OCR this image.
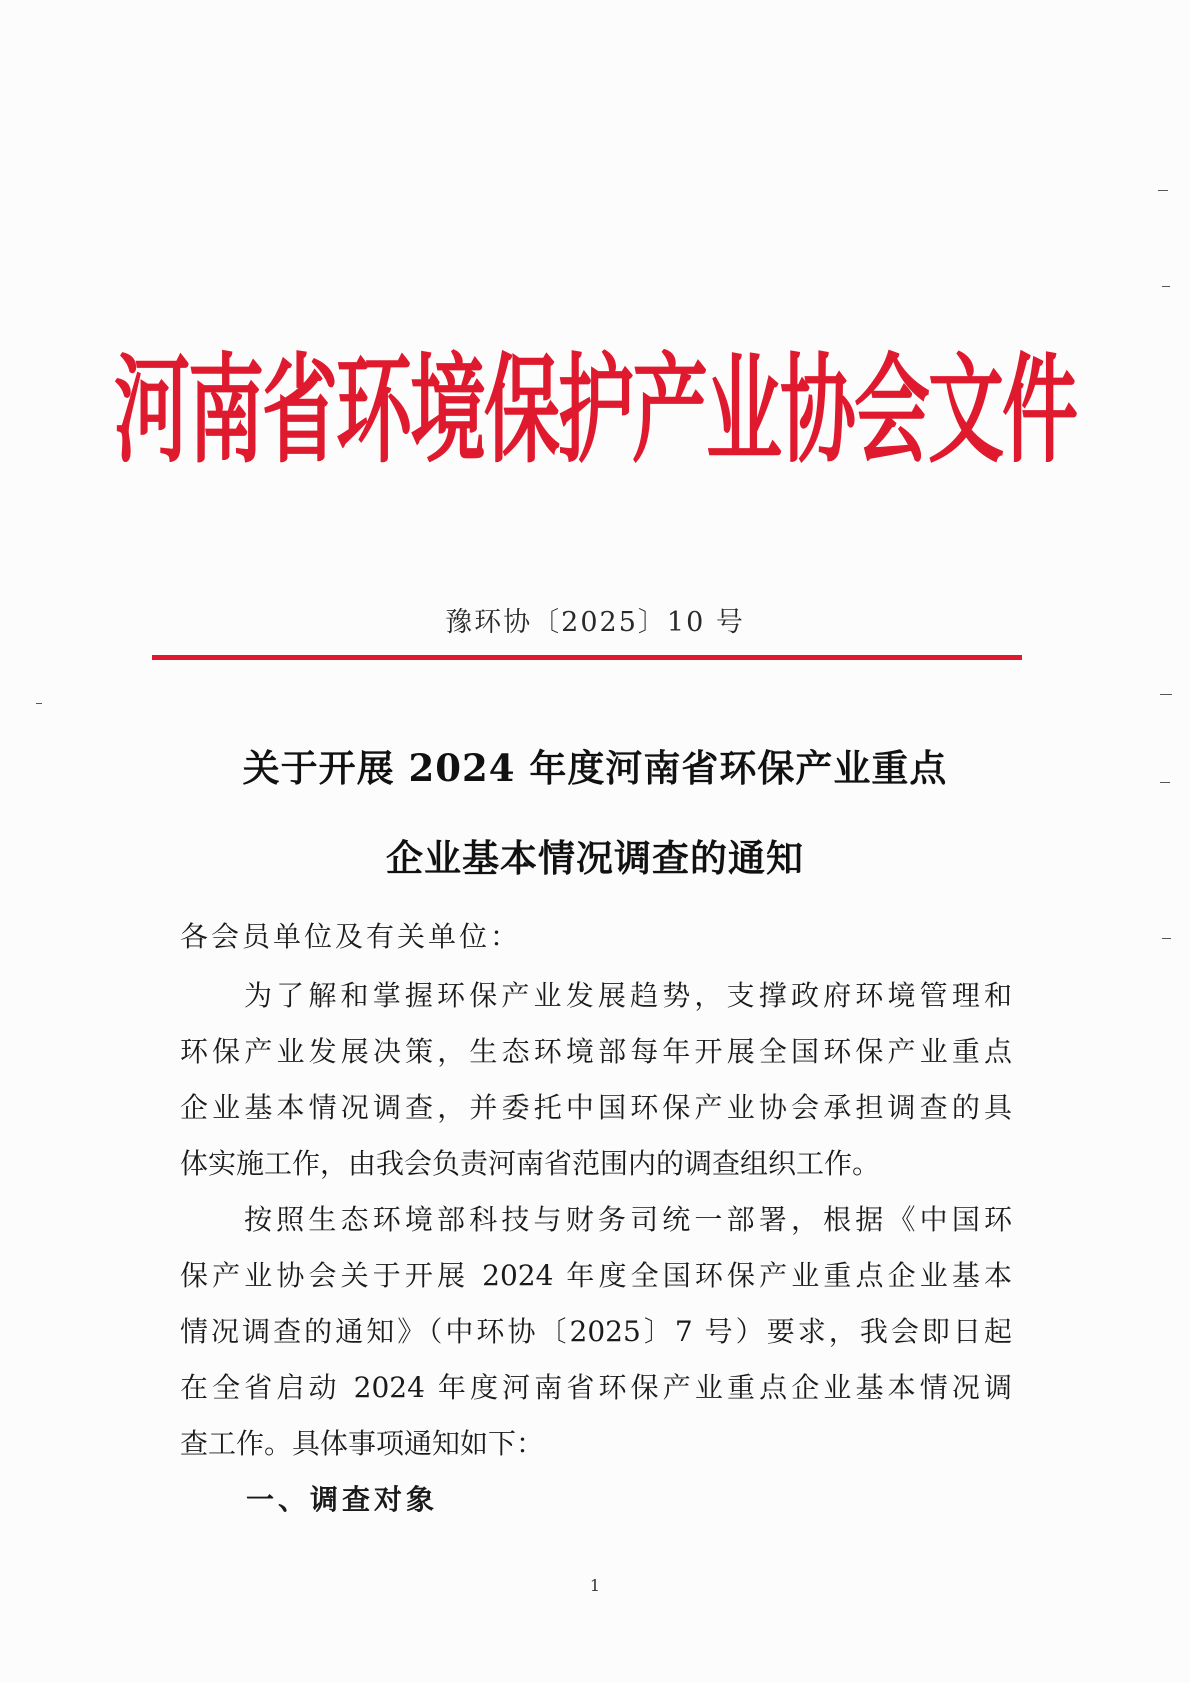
河南省环境保护产业协会文件
豫环协〔2025〕10 号
关于开展 2024 年度河南省环保产业重点
企业基本情况调查的通知
各会员单位及有关单位：
为了解和掌握环保产业发展趋势，支撑政府环境管理和
环保产业发展决策，生态环境部每年开展全国环保产业重点
企业基本情况调查，并委托中国环保产业协会承担调查的具
体实施工作，由我会负责河南省范围内的调查组织工作。
按照生态环境部科技与财务司统一部署，根据《中国环
保产业协会关于开展 2024 年度全国环保产业重点企业基本
情况调查的通知》（中环协〔2025〕7 号）要求，我会即日起
在全省启动 2024 年度河南省环保产业重点企业基本情况调
查工作。具体事项通知如下：
一、调查对象
1
